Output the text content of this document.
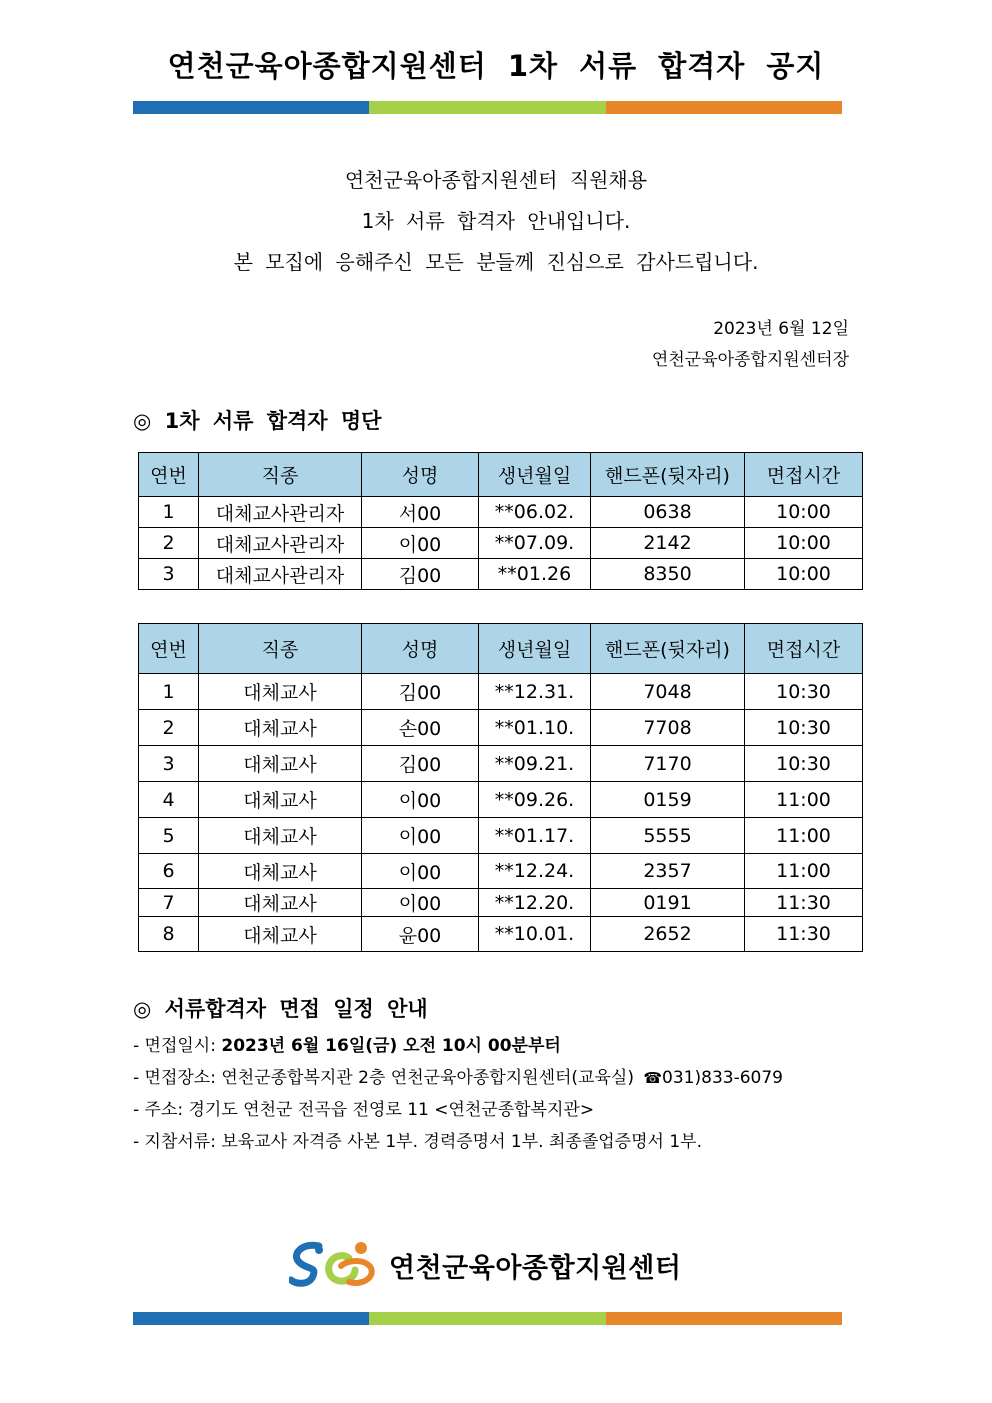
연천군육아종합지원센터 1차 서류 합격자 공지
연천군육아종합지원센터 직원채용
1차 서류 합격자 안내입니다.
본 모집에 응해주신 모든 분들께 진심으로 감사드립니다.
2023년 6월 12일
연천군육아종합지원센터장
◎ 1차 서류 합격자 명단
연번	직종	성명	생년월일	핸드폰(뒷자리)	면접시간
1	대체교사관리자	서00	**06.02.	0638	10:00
2	대체교사관리자	이00	**07.09.	2142	10:00
3	대체교사관리자	김00	**01.26	8350	10:00
연번	직종	성명	생년월일	핸드폰(뒷자리)	면접시간
1	대체교사	김00	**12.31.	7048	10:30
2	대체교사	손00	**01.10.	7708	10:30
3	대체교사	김00	**09.21.	7170	10:30
4	대체교사	이00	**09.26.	0159	11:00
5	대체교사	이00	**01.17.	5555	11:00
6	대체교사	이00	**12.24.	2357	11:00
7	대체교사	이00	**12.20.	0191	11:30
8	대체교사	윤00	**10.01.	2652	11:30
◎ 서류합격자 면접 일정 안내
- 면접일시: 2023년 6월 16일(금) 오전 10시 00분부터
- 면접장소: 연천군종합복지관 2층 연천군육아종합지원센터(교육실) ☎031)833-6079
- 주소: 경기도 연천군 전곡읍 전영로 11 <연천군종합복지관>
- 지참서류: 보육교사 자격증 사본 1부. 경력증명서 1부. 최종졸업증명서 1부.
연천군육아종합지원센터
